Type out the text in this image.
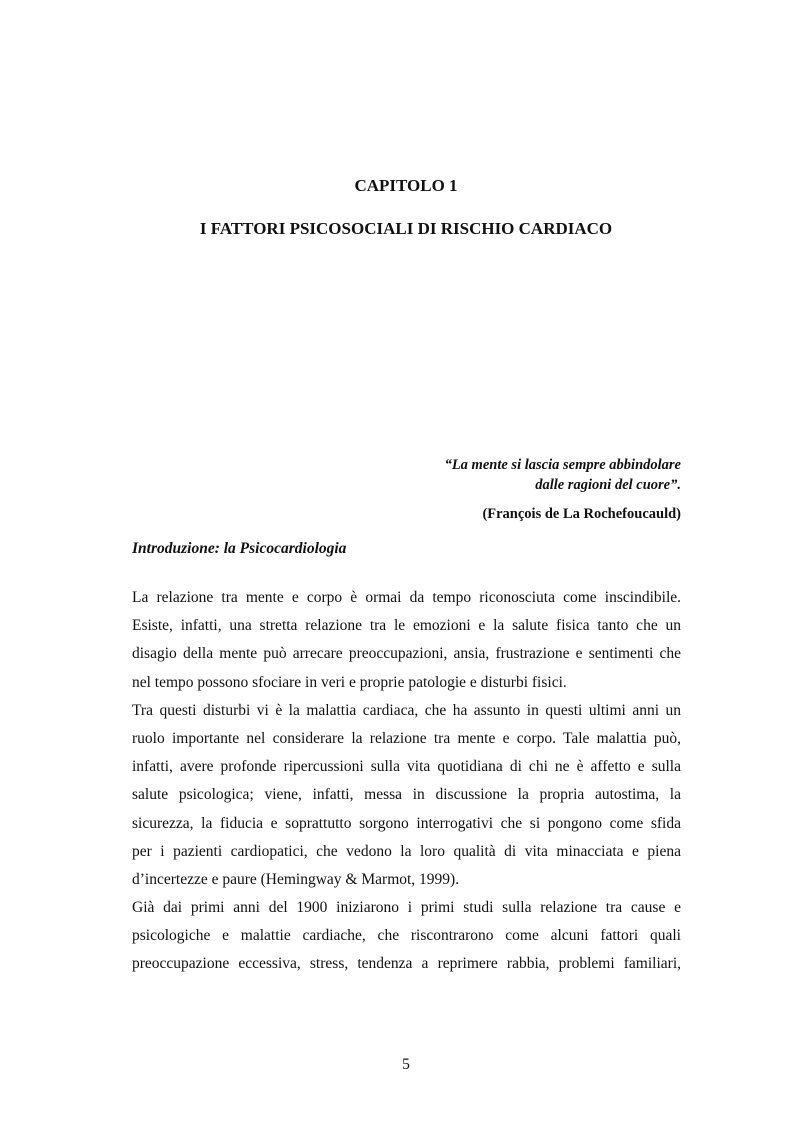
CAPITOLO 1
I FATTORI PSICOSOCIALI DI RISCHIO CARDIACO
“La mente si lascia sempre abbindolare
dalle ragioni del cuore”.
(François de La Rochefoucauld)
Introduzione: la Psicocardiologia
La relazione tra mente e corpo è ormai da tempo riconosciuta come inscindibile.
Esiste, infatti, una stretta relazione tra le emozioni e la salute fisica tanto che un
disagio della mente può arrecare preoccupazioni, ansia, frustrazione e sentimenti che
nel tempo possono sfociare in veri e proprie patologie e disturbi fisici.
Tra questi disturbi vi è la malattia cardiaca, che ha assunto in questi ultimi anni un
ruolo importante nel considerare la relazione tra mente e corpo. Tale malattia può,
infatti, avere profonde ripercussioni sulla vita quotidiana di chi ne è affetto e sulla
salute psicologica; viene, infatti, messa in discussione la propria autostima, la
sicurezza, la fiducia e soprattutto sorgono interrogativi che si pongono come sfida
per i pazienti cardiopatici, che vedono la loro qualità di vita minacciata e piena
d’incertezze e paure (Hemingway & Marmot, 1999).
Già dai primi anni del 1900 iniziarono i primi studi sulla relazione tra cause e
psicologiche e malattie cardiache, che riscontrarono come alcuni fattori quali
preoccupazione eccessiva, stress, tendenza a reprimere rabbia, problemi familiari,
5
